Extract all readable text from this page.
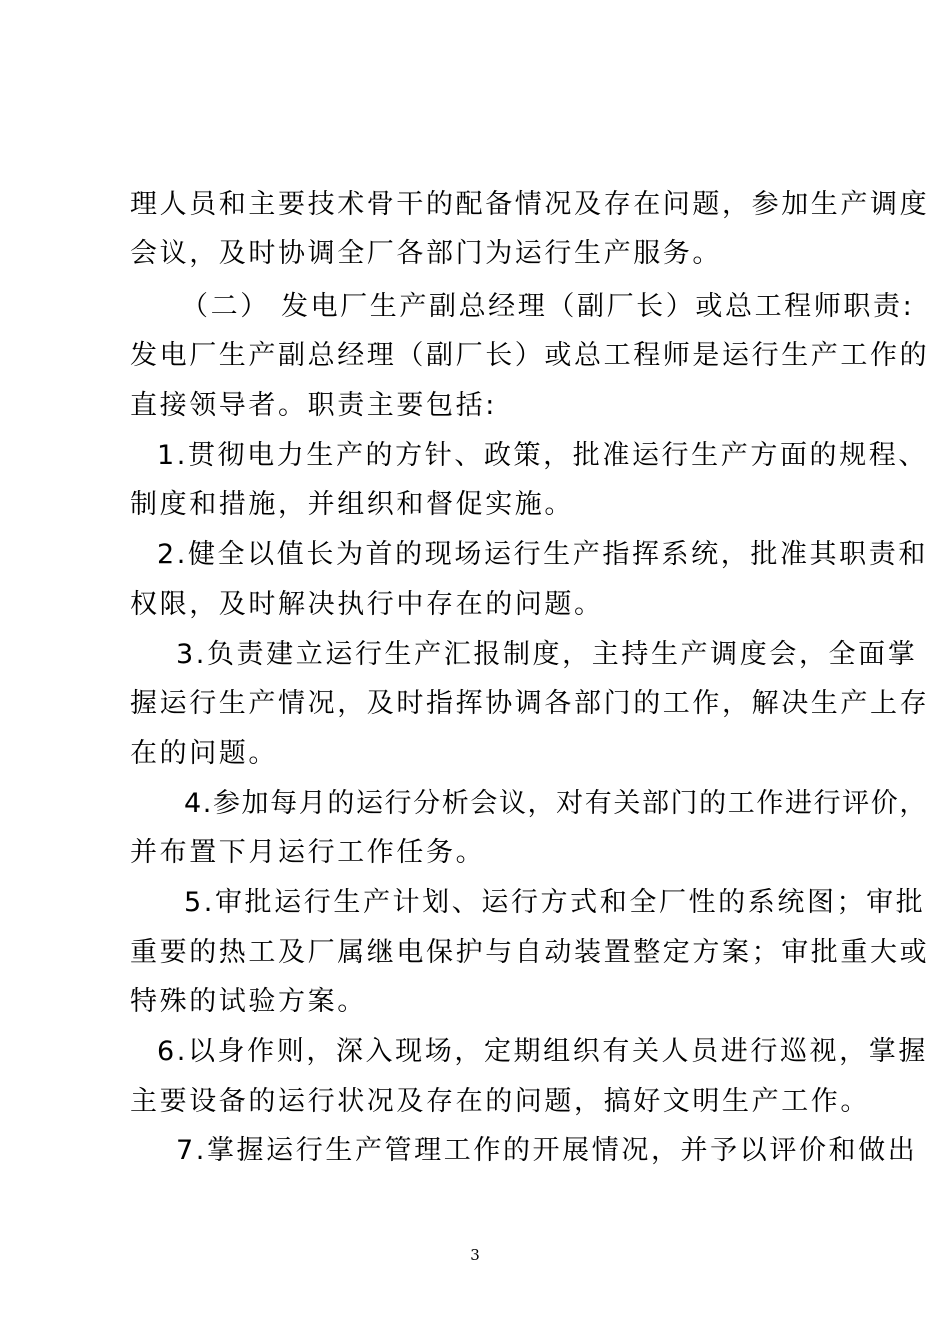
理人员和主要技术骨干的配备情况及存在问题，参加生产调度
会议，及时协调全厂各部门为运行生产服务。
（二） 发电厂生产副总经理（副厂长）或总工程师职责:
发电厂生产副总经理（副厂长）或总工程师是运行生产工作的
直接领导者。职责主要包括:
1.贯彻电力生产的方针、政策，批准运行生产方面的规程、
制度和措施，并组织和督促实施。
2.健全以值长为首的现场运行生产指挥系统，批准其职责和
权限，及时解决执行中存在的问题。
3.负责建立运行生产汇报制度，主持生产调度会，全面掌
握运行生产情况，及时指挥协调各部门的工作，解决生产上存
在的问题。
4.参加每月的运行分析会议，对有关部门的工作进行评价，
并布置下月运行工作任务。
5.审批运行生产计划、运行方式和全厂性的系统图；审批
重要的热工及厂属继电保护与自动装置整定方案；审批重大或
特殊的试验方案。
6.以身作则，深入现场，定期组织有关人员进行巡视，掌握
主要设备的运行状况及存在的问题，搞好文明生产工作。
7.掌握运行生产管理工作的开展情况，并予以评价和做出
3
